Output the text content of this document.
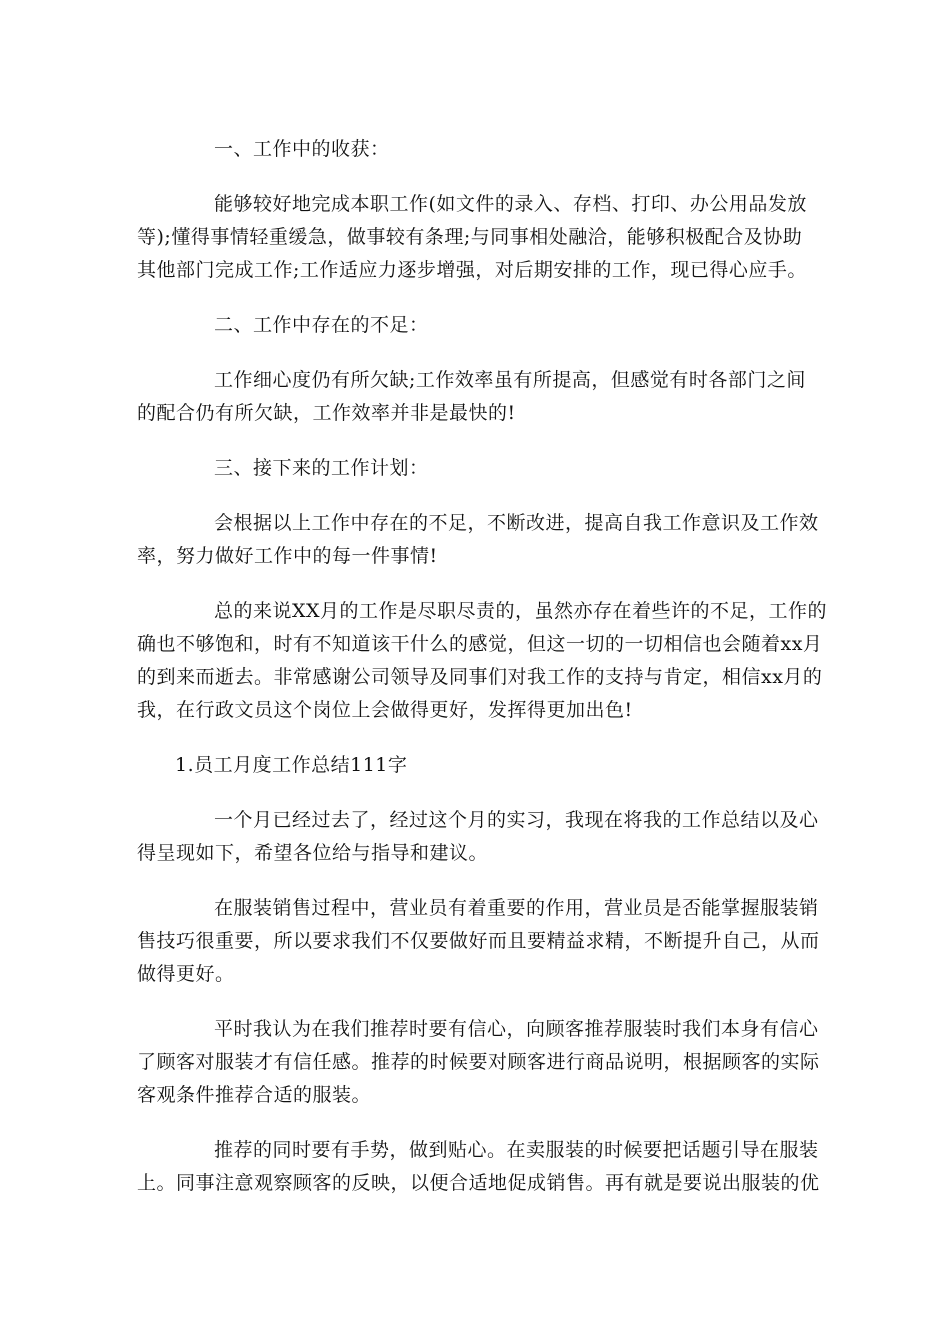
一、工作中的收获：
能够较好地完成本职工作(如文件的录入、存档、打印、办公用品发放
等);懂得事情轻重缓急，做事较有条理;与同事相处融洽，能够积极配合及协助
其他部门完成工作;工作适应力逐步增强，对后期安排的工作，现已得心应手。
二、工作中存在的不足：
工作细心度仍有所欠缺;工作效率虽有所提高，但感觉有时各部门之间
的配合仍有所欠缺，工作效率并非是最快的!
三、接下来的工作计划：
会根据以上工作中存在的不足，不断改进，提高自我工作意识及工作效
率，努力做好工作中的每一件事情!
总的来说XX月的工作是尽职尽责的，虽然亦存在着些许的不足，工作的
确也不够饱和，时有不知道该干什么的感觉，但这一切的一切相信也会随着xx月
的到来而逝去。非常感谢公司领导及同事们对我工作的支持与肯定，相信xx月的
我，在行政文员这个岗位上会做得更好，发挥得更加出色!
1.员工月度工作总结111字
一个月已经过去了，经过这个月的实习，我现在将我的工作总结以及心
得呈现如下，希望各位给与指导和建议。
在服装销售过程中，营业员有着重要的作用，营业员是否能掌握服装销
售技巧很重要，所以要求我们不仅要做好而且要精益求精，不断提升自己，从而
做得更好。
平时我认为在我们推荐时要有信心，向顾客推荐服装时我们本身有信心
了顾客对服装才有信任感。推荐的时候要对顾客进行商品说明，根据顾客的实际
客观条件推荐合适的服装。
推荐的同时要有手势，做到贴心。在卖服装的时候要把话题引导在服装
上。同事注意观察顾客的反映，以便合适地促成销售。再有就是要说出服装的优
